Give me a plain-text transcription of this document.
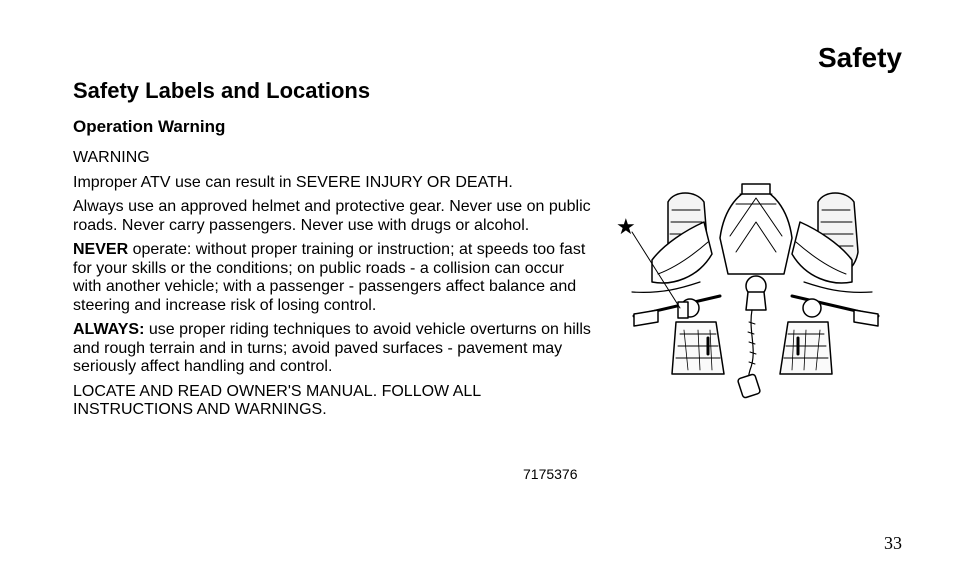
Safety
Safety Labels and Locations
Operation Warning

WARNING

Improper ATV use can result in SEVERE INJURY OR DEATH.

Always use an approved helmet and protective gear. Never use on public roads. Never carry passengers. Never use with drugs or alcohol.

NEVER operate: without proper training or instruction; at speeds too fast for your skills or the conditions; on public roads - a collision can occur with another vehicle; with a passenger - passengers affect balance and steering and increase risk of losing control.

ALWAYS: use proper riding techniques to avoid vehicle overturns on hills and rough terrain and in turns; avoid paved surfaces - pavement may seriously affect handling and control.

LOCATE AND READ OWNER'S MANUAL. FOLLOW ALL INSTRUCTIONS AND WARNINGS.

7175376
★
33
